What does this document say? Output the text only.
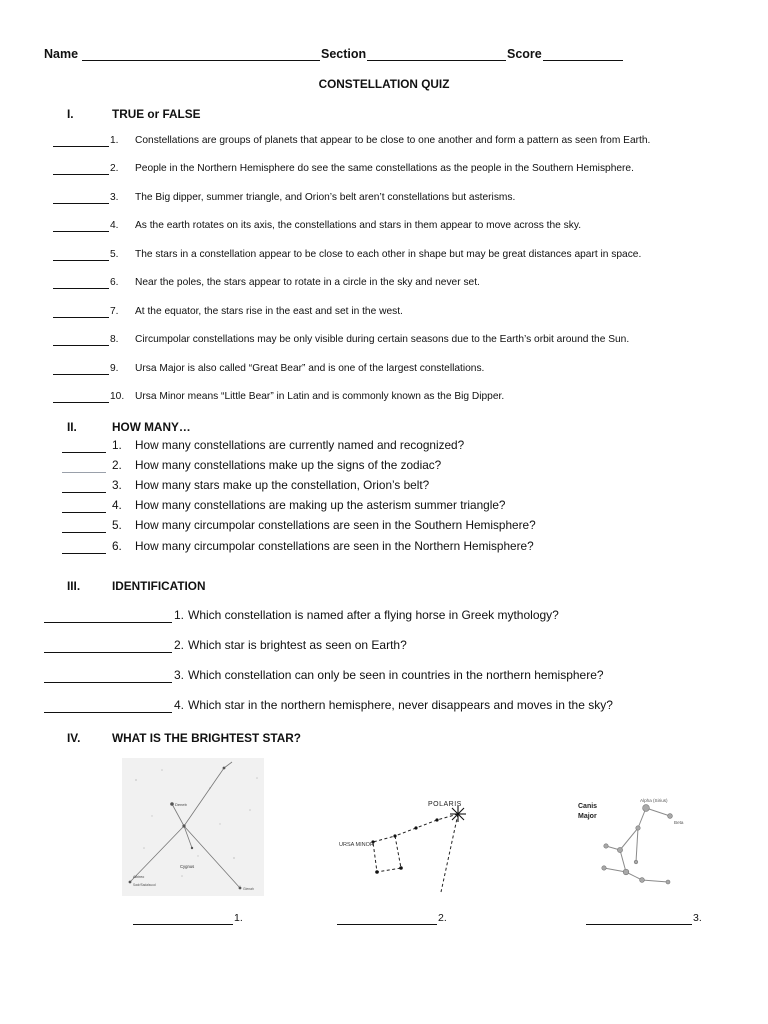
Name	Section	Score
CONSTELLATION QUIZ
I.	TRUE or FALSE
1. Constellations are groups of planets that appear to be close to one another and form a pattern as seen from Earth.
2. People in the Northern Hemisphere do see the same constellations as the people in the Southern Hemisphere.
3. The Big dipper, summer triangle, and Orion’s belt aren’t constellations but asterisms.
4. As the earth rotates on its axis, the constellations and stars in them appear to move across the sky.
5. The stars in a constellation appear to be close to each other in shape but may be great distances apart in space.
6. Near the poles, the stars appear to rotate in a circle in the sky and never set.
7. At the equator, the stars rise in the east and set in the west.
8. Circumpolar constellations may be only visible during certain seasons due to the Earth’s orbit around the Sun.
9. Ursa Major is also called “Great Bear” and is one of the largest constellations.
10. Ursa Minor means “Little Bear” in Latin and is commonly known as the Big Dipper.
II.	HOW MANY…
1. How many constellations are currently named and recognized?
2. How many constellations make up the signs of the zodiac?
3. How many stars make up the constellation, Orion’s belt?
4. How many constellations are making up the asterism summer triangle?
5. How many circumpolar constellations are seen in the Southern Hemisphere?
6. How many circumpolar constellations are seen in the Northern Hemisphere?
III.	IDENTIFICATION
1. Which constellation is named after a flying horse in Greek mythology?
2. Which star is brightest as seen on Earth?
3. Which constellation can only be seen in countries in the northern hemisphere?
4. Which star in the northern hemisphere, never disappears and moves in the sky?
IV.	WHAT IS THE BRIGHTEST STAR?
Deneb
Cygnus
Albireo
Sadr/Sadalsuud
Gienah
POLARIS
URSA MINOR
Canis
Major
Alpha (Sirius)
Beta
1.	2.	3.
